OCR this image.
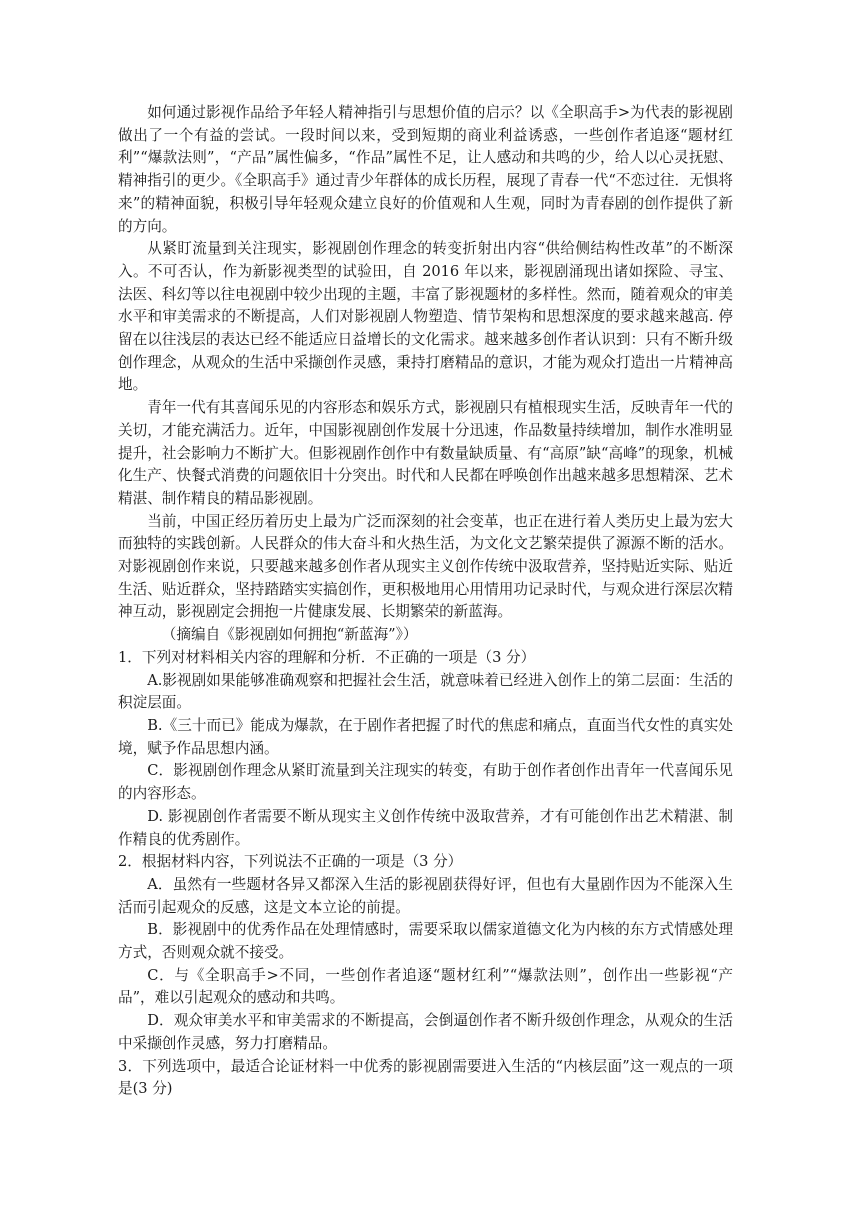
如何通过影视作品给予年轻人精神指引与思想价值的启示？以《全职高手>为代表的影视剧做出了一个有益的尝试。一段时间以来，受到短期的商业利益诱惑，一些创作者追逐“题材红利”“爆款法则”，“产品”属性偏多，“作品”属性不足，让人感动和共鸣的少，给人以心灵抚慰、精神指引的更少。《全职高手》通过青少年群体的成长历程，展现了青春一代“不恋过往．无惧将来”的精神面貌，积极引导年轻观众建立良好的价值观和人生观，同时为青春剧的创作提供了新的方向。

从紧盯流量到关注现实，影视剧创作理念的转变折射出内容“供给侧结构性改革”的不断深入。不可否认，作为新影视类型的试验田，自 2016 年以来，影视剧涌现出诸如探险、寻宝、法医、科幻等以往电视剧中较少出现的主题，丰富了影视题材的多样性。然而，随着观众的审美水平和审美需求的不断提高，人们对影视剧人物塑造、情节架构和思想深度的要求越来越高. 停留在以往浅层的表达已经不能适应日益增长的文化需求。越来越多创作者认识到：只有不断升级创作理念，从观众的生活中采撷创作灵感，秉持打磨精品的意识，才能为观众打造出一片精神高地。

青年一代有其喜闻乐见的内容形态和娱乐方式，影视剧只有植根现实生活，反映青年一代的关切，才能充满活力。近年，中国影视剧创作发展十分迅速，作品数量持续增加，制作水准明显提升，社会影响力不断扩大。但影视剧作创作中有数量缺质量、有“高原”缺“高峰”的现象，机械化生产、快餐式消费的问题依旧十分突出。时代和人民都在呼唤创作出越来越多思想精深、艺术精湛、制作精良的精品影视剧。

当前，中国正经历着历史上最为广泛而深刻的社会变革，也正在进行着人类历史上最为宏大而独特的实践创新。人民群众的伟大奋斗和火热生活，为文化文艺繁荣提供了源源不断的活水。对影视剧创作来说，只要越来越多创作者从现实主义创作传统中汲取营养，坚持贴近实际、贴近生活、贴近群众，坚持踏踏实实搞创作，更积极地用心用情用功记录时代，与观众进行深层次精神互动，影视剧定会拥抱一片健康发展、长期繁荣的新蓝海。

（摘编自《影视剧如何拥抱“新蓝海”》）

1．下列对材料相关内容的理解和分析．不正确的一项是（3 分）

A.影视剧如果能够准确观察和把握社会生活，就意味着已经进入创作上的第二层面：生活的积淀层面。

B.《三十而已》能成为爆款，在于剧作者把握了时代的焦虑和痛点，直面当代女性的真实处境，赋予作品思想内涵。

C．影视剧创作理念从紧盯流量到关注现实的转变，有助于创作者创作出青年一代喜闻乐见的内容形态。

D. 影视剧创作者需要不断从现实主义创作传统中汲取营养，才有可能创作出艺术精湛、制作精良的优秀剧作。

2．根据材料内容，下列说法不正确的一项是（3 分）

A．虽然有一些题材各异又都深入生活的影视剧获得好评，但也有大量剧作因为不能深入生活而引起观众的反感，这是文本立论的前提。

B．影视剧中的优秀作品在处理情感时，需要采取以儒家道德文化为内核的东方式情感处理方式，否则观众就不接受。

C．与《全职高手>不同，一些创作者追逐“题材红利”“爆款法则”，创作出一些影视“产品”，难以引起观众的感动和共鸣。

D．观众审美水平和审美需求的不断提高，会倒逼创作者不断升级创作理念，从观众的生活中采撷创作灵感，努力打磨精品。

3．下列选项中，最适合论证材料一中优秀的影视剧需要进入生活的“内核层面”这一观点的一项是(3 分)
